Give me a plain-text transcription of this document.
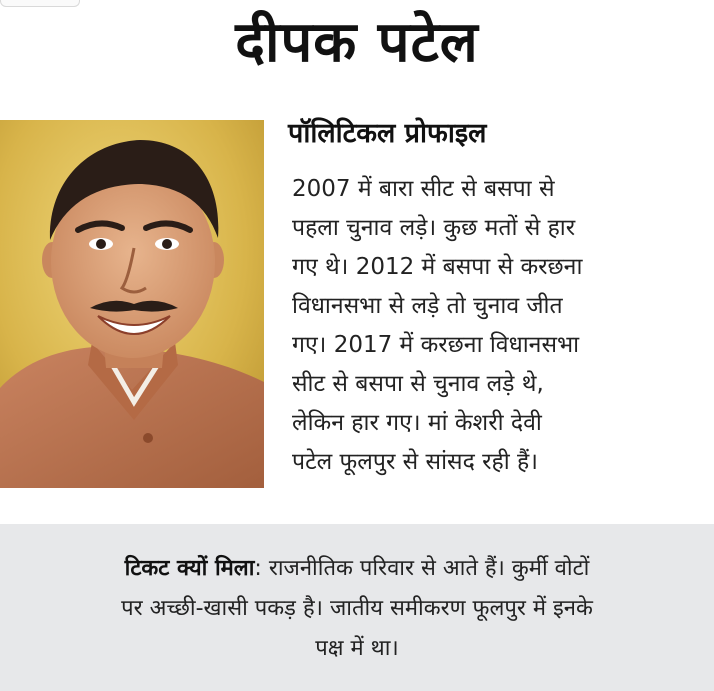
दीपक पटेल
पॉलिटिकल प्रोफाइल
2007 में बारा सीट से बसपा से
पहला चुनाव लड़े। कुछ मतों से हार
गए थे। 2012 में बसपा से करछना
विधानसभा से लड़े तो चुनाव जीत
गए। 2017 में करछना विधानसभा
सीट से बसपा से चुनाव लड़े थे,
लेकिन हार गए। मां केशरी देवी
पटेल फूलपुर से सांसद रही हैं।
टिकट क्यों मिला: राजनीतिक परिवार से आते हैं। कुर्मी वोटों
पर अच्छी-खासी पकड़ है। जातीय समीकरण फूलपुर में इनके
पक्ष में था।
